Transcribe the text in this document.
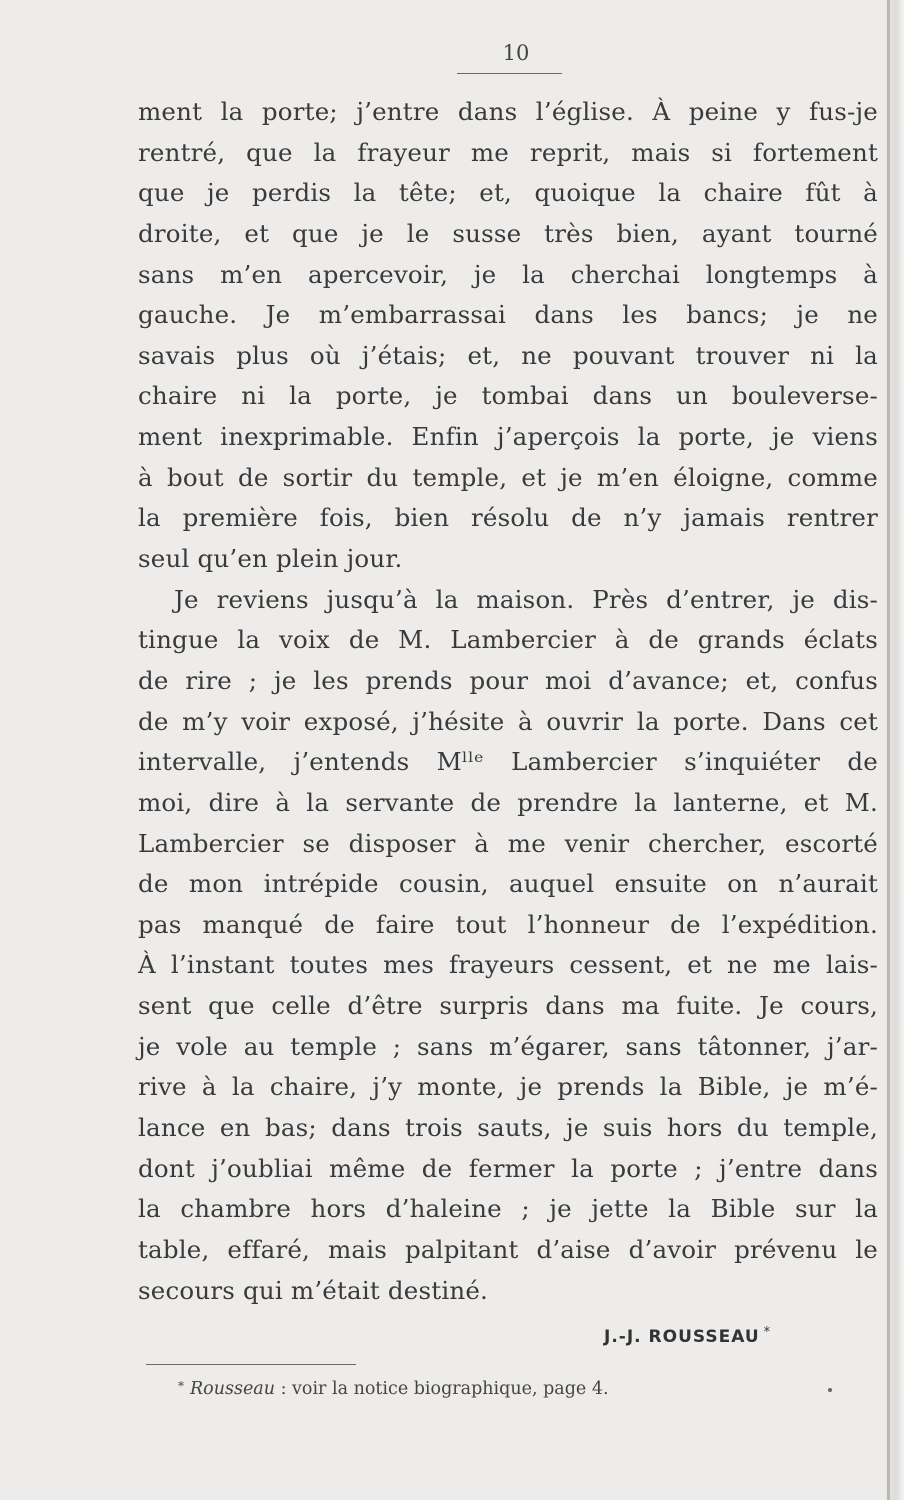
10
ment la porte; j’entre dans l’église. À peine y fus-je
rentré, que la frayeur me reprit, mais si fortement
que je perdis la tête; et, quoique la chaire fût à
droite, et que je le susse très bien, ayant tourné
sans m’en apercevoir, je la cherchai longtemps à
gauche. Je m’embarrassai dans les bancs; je ne
savais plus où j’étais; et, ne pouvant trouver ni la
chaire ni la porte, je tombai dans un bouleverse-
ment inexprimable. Enfin j’aperçois la porte, je viens
à bout de sortir du temple, et je m’en éloigne, comme
la première fois, bien résolu de n’y jamais rentrer
seul qu’en plein jour.
Je reviens jusqu’à la maison. Près d’entrer, je dis-
tingue la voix de M. Lambercier à de grands éclats
de rire ; je les prends pour moi d’avance; et, confus
de m’y voir exposé, j’hésite à ouvrir la porte. Dans cet
intervalle, j’entends Mˡˡᵉ Lambercier s’inquiéter de
moi, dire à la servante de prendre la lanterne, et M.
Lambercier se disposer à me venir chercher, escorté
de mon intrépide cousin, auquel ensuite on n’aurait
pas manqué de faire tout l’honneur de l’expédition.
À l’instant toutes mes frayeurs cessent, et ne me lais-
sent que celle d’être surpris dans ma fuite. Je cours,
je vole au temple ; sans m’égarer, sans tâtonner, j’ar-
rive à la chaire, j’y monte, je prends la Bible, je m’é-
lance en bas; dans trois sauts, je suis hors du temple,
dont j’oubliai même de fermer la porte ; j’entre dans
la chambre hors d’haleine ; je jette la Bible sur la
table, effaré, mais palpitant d’aise d’avoir prévenu le
secours qui m’était destiné.
J.-J. ROUSSEAU *
* Rousseau : voir la notice biographique, page 4.
